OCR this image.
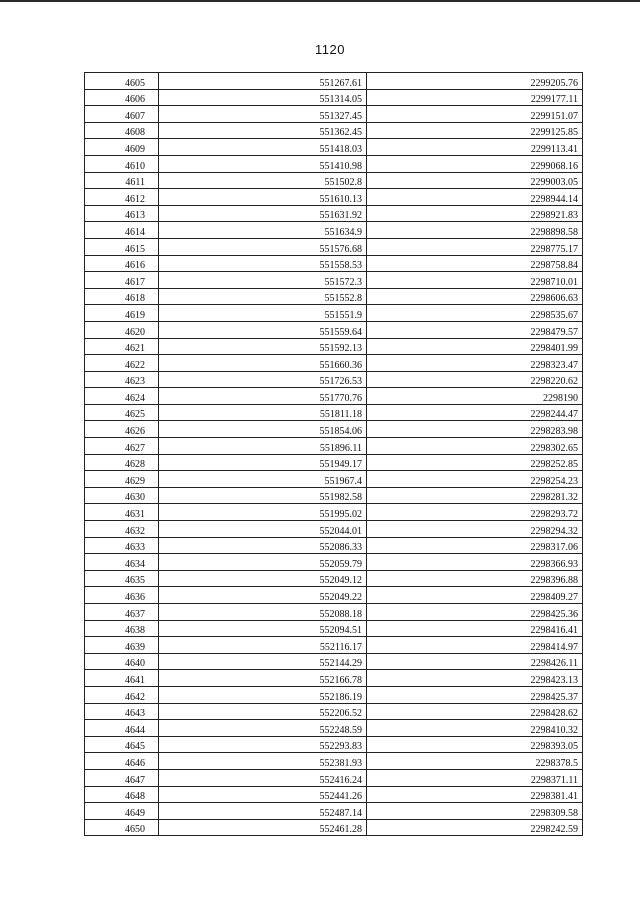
1120
4605	551267.61	2299205.76
4606	551314.05	2299177.11
4607	551327.45	2299151.07
4608	551362.45	2299125.85
4609	551418.03	2299113.41
4610	551410.98	2299068.16
4611	551502.8	2299003.05
4612	551610.13	2298944.14
4613	551631.92	2298921.83
4614	551634.9	2298898.58
4615	551576.68	2298775.17
4616	551558.53	2298758.84
4617	551572.3	2298710.01
4618	551552.8	2298606.63
4619	551551.9	2298535.67
4620	551559.64	2298479.57
4621	551592.13	2298401.99
4622	551660.36	2298323.47
4623	551726.53	2298220.62
4624	551770.76	2298190
4625	551811.18	2298244.47
4626	551854.06	2298283.98
4627	551896.11	2298302.65
4628	551949.17	2298252.85
4629	551967.4	2298254.23
4630	551982.58	2298281.32
4631	551995.02	2298293.72
4632	552044.01	2298294.32
4633	552086.33	2298317.06
4634	552059.79	2298366.93
4635	552049.12	2298396.88
4636	552049.22	2298409.27
4637	552088.18	2298425.36
4638	552094.51	2298416.41
4639	552116.17	2298414.97
4640	552144.29	2298426.11
4641	552166.78	2298423.13
4642	552186.19	2298425.37
4643	552206.52	2298428.62
4644	552248.59	2298410.32
4645	552293.83	2298393.05
4646	552381.93	2298378.5
4647	552416.24	2298371.11
4648	552441.26	2298381.41
4649	552487.14	2298309.58
4650	552461.28	2298242.59
